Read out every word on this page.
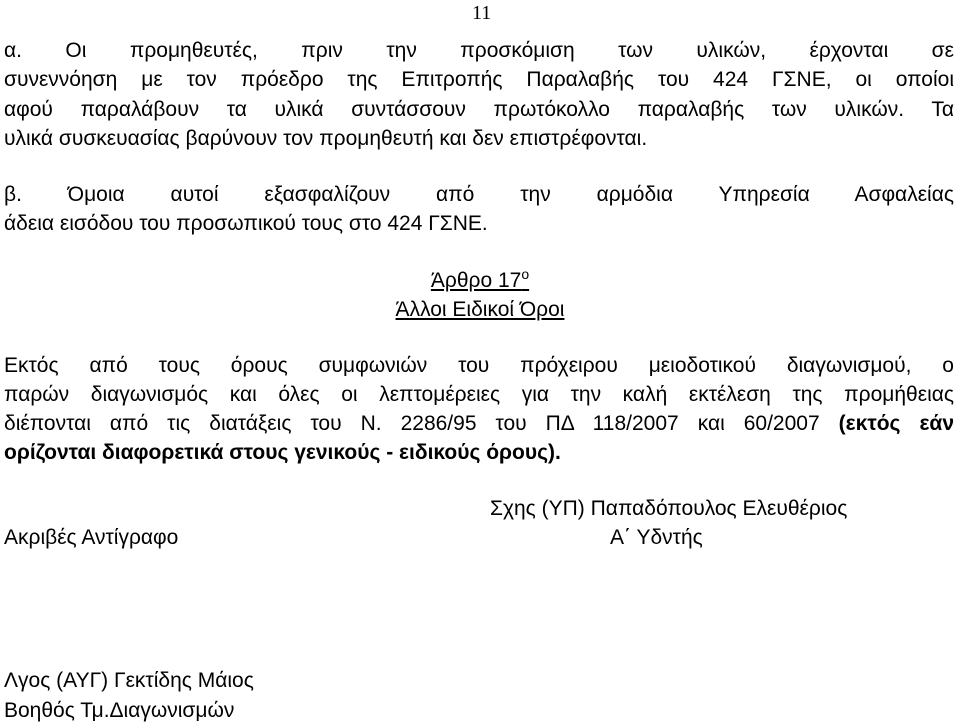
11
α. Οι προμηθευτές, πριν την προσκόμιση των υλικών, έρχονται σε
συνεννόηση με τον πρόεδρο της Επιτροπής Παραλαβής του 424 ΓΣΝΕ, οι οποίοι
αφού παραλάβουν τα υλικά συντάσσουν πρωτόκολλο παραλαβής των υλικών. Τα
υλικά συσκευασίας βαρύνουν τον προμηθευτή και δεν επιστρέφονται.
β. Όμοια αυτοί εξασφαλίζουν από την αρμόδια Υπηρεσία Ασφαλείας
άδεια εισόδου του προσωπικού τους στο 424 ΓΣΝΕ.
Άρθρο $17^o$
Άλλοι Ειδικοί Όροι
Εκτός από τους όρους συμφωνιών του πρόχειρου μειοδοτικού διαγωνισμού, ο
παρών διαγωνισμός και όλες οι λεπτομέρειες για την καλή εκτέλεση της προμήθειας
διέπονται από τις διατάξεις του Ν. 2286/95 του ΠΔ 118/2007 και 60/2007 (εκτός εάν
ορίζονται διαφορετικά στους γενικούς - ειδικούς όρους).
Σχης (ΥΠ) Παπαδόπουλος Ελευθέριος
Ακριβές Αντίγραφο	Α΄ Υδντής
Λγος (ΑΥΓ) Γεκτίδης Μάιος
Βοηθός Τμ.Διαγωνισμών
